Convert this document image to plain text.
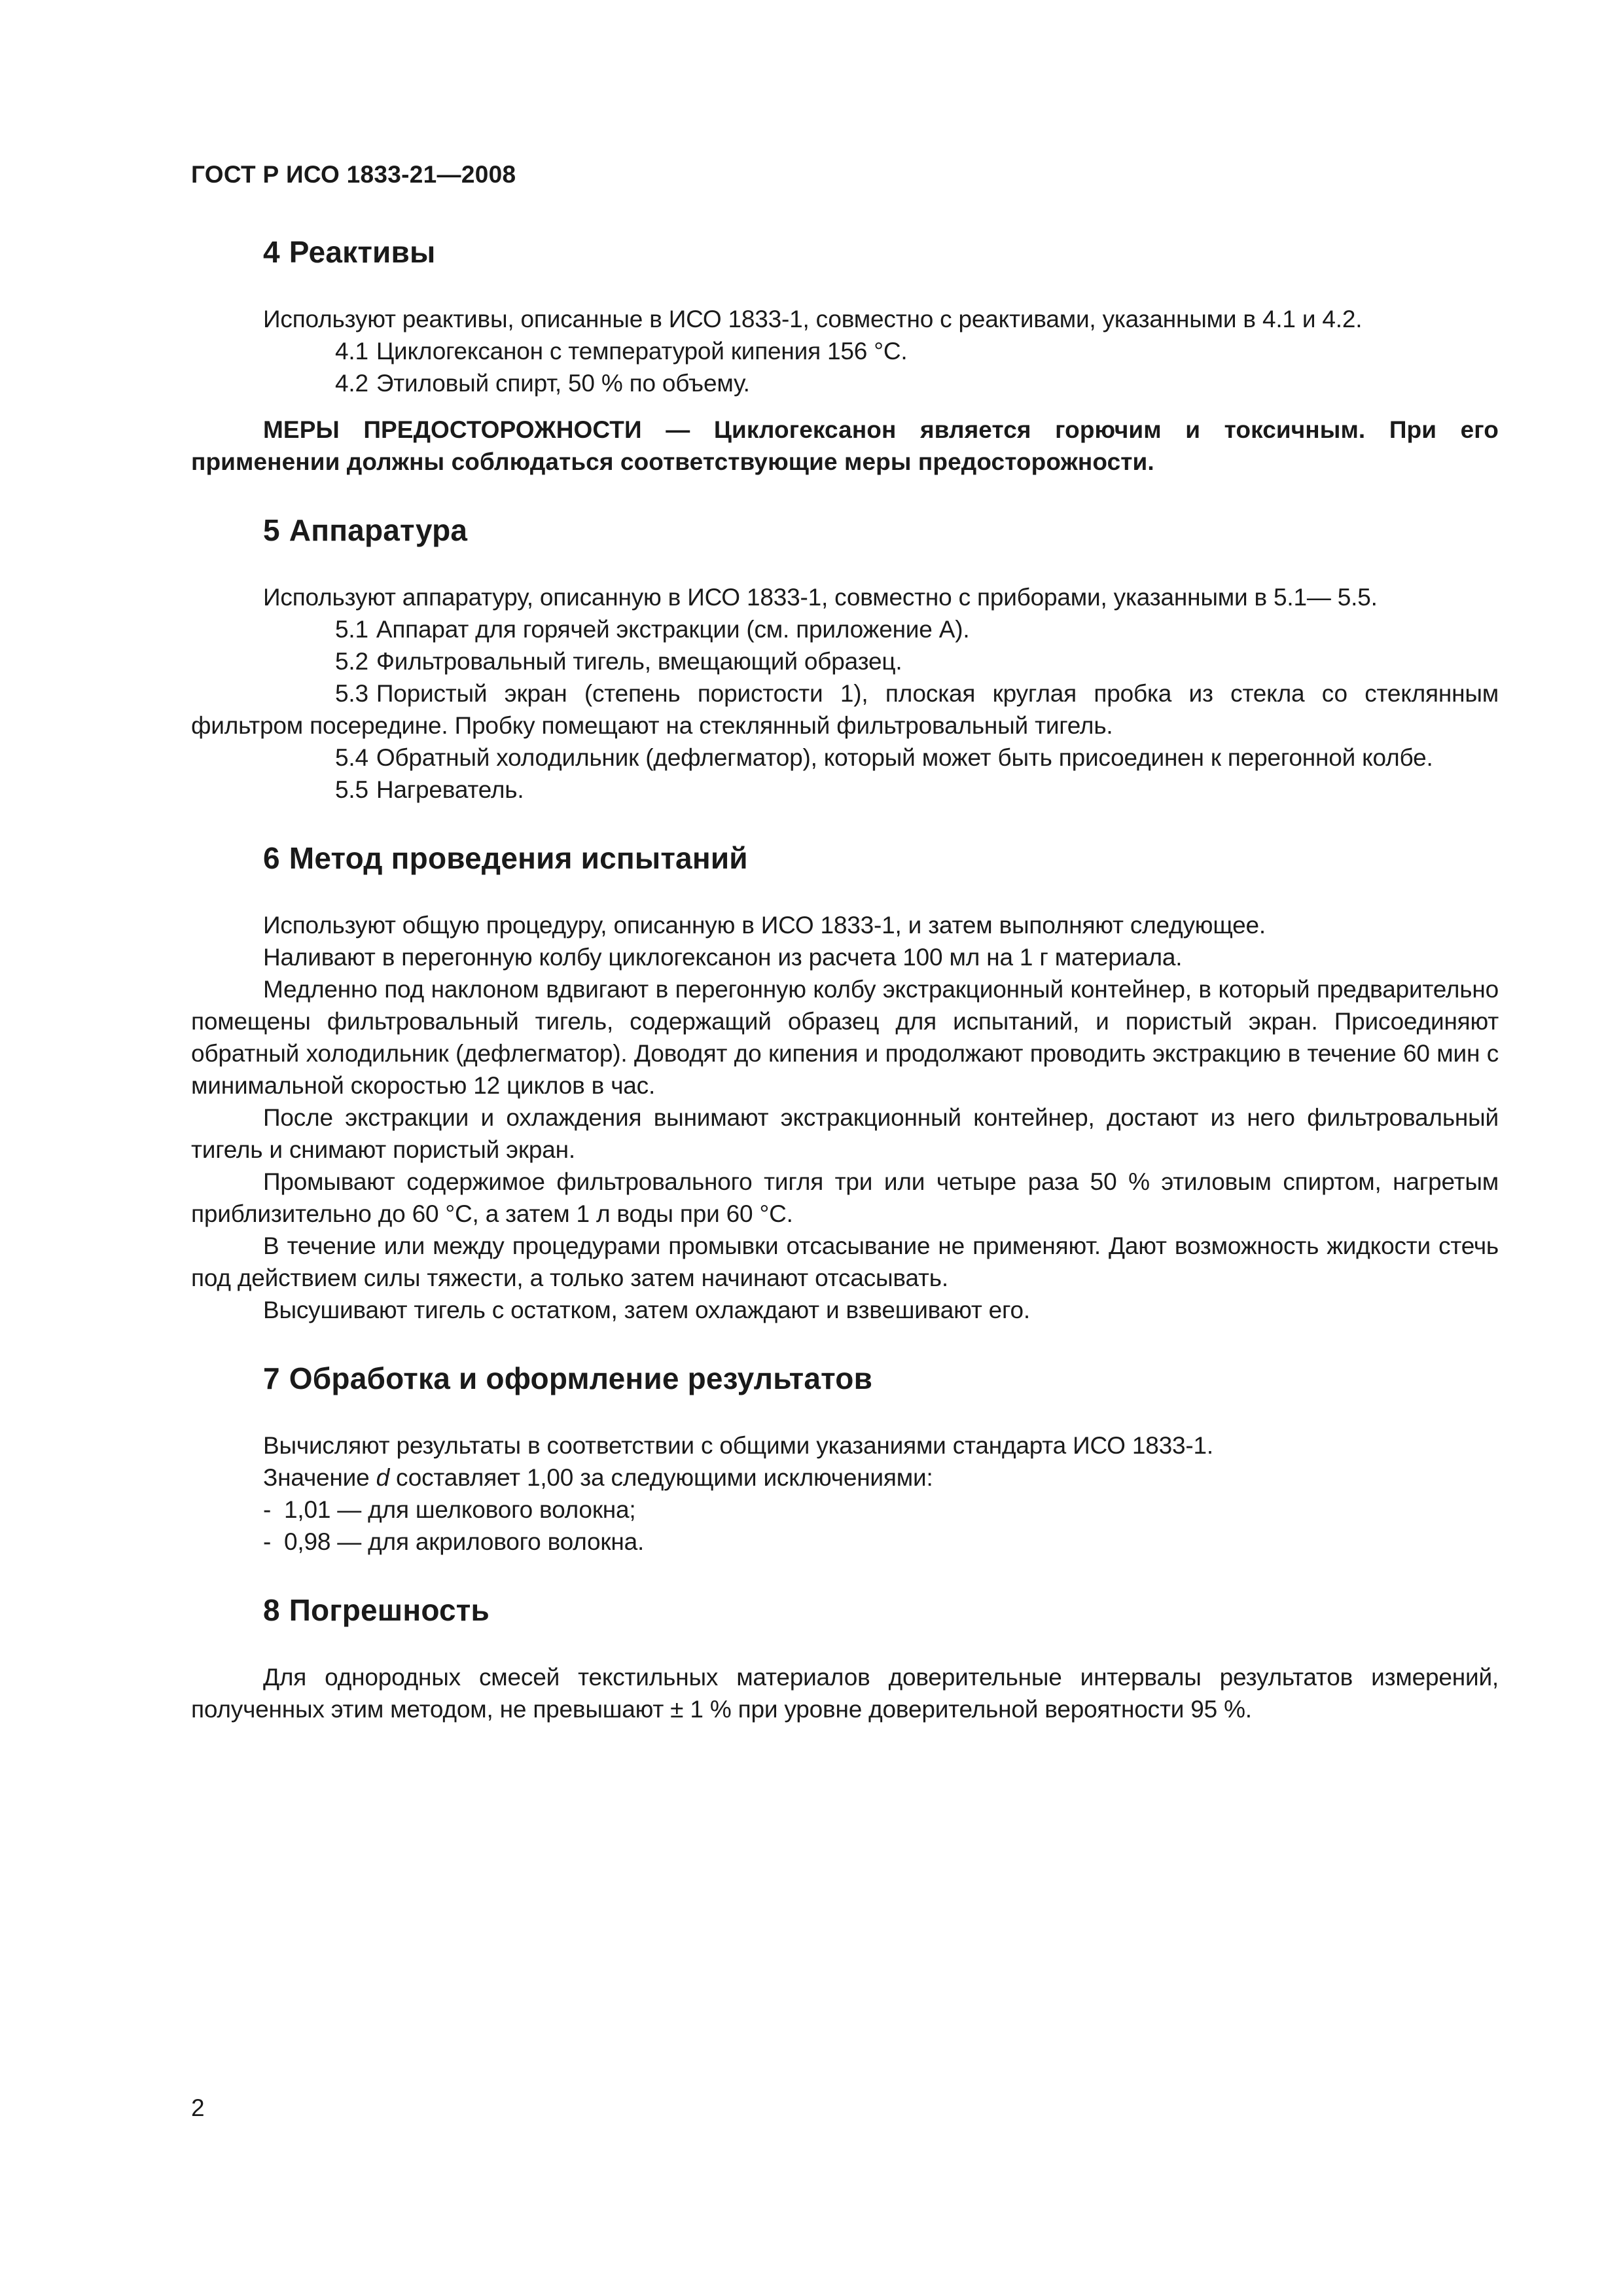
ГОСТ Р ИСО 1833-21—2008
4 Реактивы

Используют реактивы, описанные в ИСО 1833-1, совместно с реактивами, указанными в 4.1 и 4.2.

4.1 Циклогексанон с температурой кипения 156 °С.

4.2 Этиловый спирт, 50 % по объему.

МЕРЫ ПРЕДОСТОРОЖНОСТИ — Циклогексанон является горючим и токсичным. При его применении должны соблюдаться соответствующие меры предосторожности.

5 Аппаратура

Используют аппаратуру, описанную в ИСО 1833-1, совместно с приборами, указанными в 5.1— 5.5.

5.1 Аппарат для горячей экстракции (см. приложение А).

5.2 Фильтровальный тигель, вмещающий образец.

5.3 Пористый экран (степень пористости 1), плоская круглая пробка из стекла со стеклянным фильтром посередине. Пробку помещают на стеклянный фильтровальный тигель.

5.4 Обратный холодильник (дефлегматор), который может быть присоединен к перегонной колбе.

5.5 Нагреватель.

6 Метод проведения испытаний

Используют общую процедуру, описанную в ИСО 1833-1, и затем выполняют следующее.

Наливают в перегонную колбу циклогексанон из расчета 100 мл на 1 г материала.

Медленно под наклоном вдвигают в перегонную колбу экстракционный контейнер, в который предварительно помещены фильтровальный тигель, содержащий образец для испытаний, и пористый экран. Присоединяют обратный холодильник (дефлегматор). Доводят до кипения и продолжают проводить экстракцию в течение 60 мин с минимальной скоростью 12 циклов в час.

После экстракции и охлаждения вынимают экстракционный контейнер, достают из него фильтровальный тигель и снимают пористый экран.

Промывают содержимое фильтровального тигля три или четыре раза 50 % этиловым спиртом, нагретым приблизительно до 60 °С, а затем 1 л воды при 60 °С.

В течение или между процедурами промывки отсасывание не применяют. Дают возможность жидкости стечь под действием силы тяжести, а только затем начинают отсасывать.

Высушивают тигель с остатком, затем охлаждают и взвешивают его.

7 Обработка и оформление результатов

Вычисляют результаты в соответствии с общими указаниями стандарта ИСО 1833-1.

Значение d составляет 1,00 за следующими исключениями:

- 1,01 — для шелкового волокна;

- 0,98 — для акрилового волокна.

8 Погрешность

Для однородных смесей текстильных материалов доверительные интервалы результатов измерений, полученных этим методом, не превышают ± 1 % при уровне доверительной вероятности 95 %.

2
